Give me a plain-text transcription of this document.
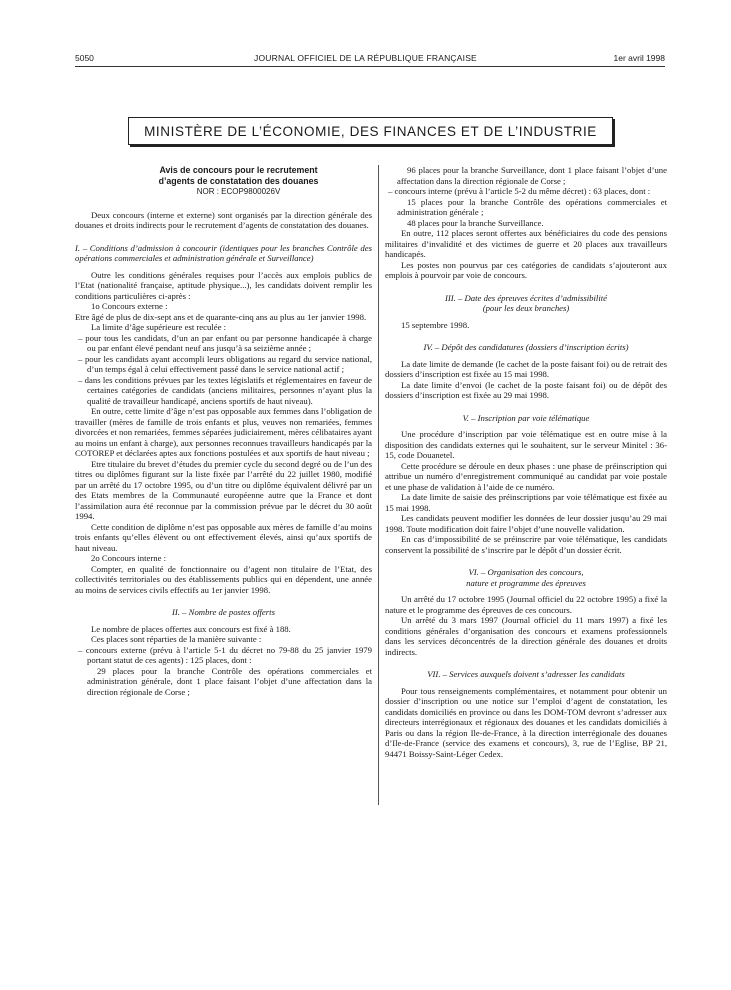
5050	JOURNAL OFFICIEL DE LA RÉPUBLIQUE FRANÇAISE	1er avril 1998
MINISTÈRE DE L’ÉCONOMIE, DES FINANCES ET DE L’INDUSTRIE
Avis de concours pour le recrutement
d’agents de constatation des douanes
NOR : ECOP9800026V

Deux concours (interne et externe) sont organisés par la direction générale des douanes et droits indirects pour le recrutement d’agents de constatation des douanes.

I. – Conditions d’admission à concourir (identiques pour les branches Contrôle des opérations commerciales et administration générale et Surveillance)

Outre les conditions générales requises pour l’accès aux emplois publics de l’Etat (nationalité française, aptitude physique...), les candidats doivent remplir les conditions particulières ci-après :

1o Concours externe :

Etre âgé de plus de dix-sept ans et de quarante-cinq ans au plus au 1er janvier 1998.

La limite d’âge supérieure est reculée :

– pour tous les candidats, d’un an par enfant ou par personne handicapée à charge ou par enfant élevé pendant neuf ans jusqu’à sa seizième année ;

– pour les candidats ayant accompli leurs obligations au regard du service national, d’un temps égal à celui effectivement passé dans le service national actif ;

– dans les conditions prévues par les textes législatifs et réglementaires en faveur de certaines catégories de candidats (anciens militaires, personnes n’ayant plus la qualité de travailleur handicapé, anciens sportifs de haut niveau).

En outre, cette limite d’âge n’est pas opposable aux femmes dans l’obligation de travailler (mères de famille de trois enfants et plus, veuves non remariées, femmes divorcées et non remariées, femmes séparées judiciairement, mères célibataires ayant au moins un enfant à charge), aux personnes reconnues travailleurs handicapés par la COTOREP et déclarées aptes aux fonctions postulées et aux sportifs de haut niveau ;

Etre titulaire du brevet d’études du premier cycle du second degré ou de l’un des titres ou diplômes figurant sur la liste fixée par l’arrêté du 22 juillet 1980, modifié par un arrêté du 17 octobre 1995, ou d’un titre ou diplôme équivalent délivré par un des Etats membres de la Communauté européenne autre que la France et dont l’assimilation aura été reconnue par la commission prévue par le décret du 30 août 1994.

Cette condition de diplôme n’est pas opposable aux mères de famille d’au moins trois enfants qu’elles élèvent ou ont effectivement élevés, ainsi qu’aux sportifs de haut niveau.

2o Concours interne :

Compter, en qualité de fonctionnaire ou d’agent non titulaire de l’Etat, des collectivités territoriales ou des établissements publics qui en dépendent, une année au moins de services civils effectifs au 1er janvier 1998.

II. – Nombre de postes offerts

Le nombre de places offertes aux concours est fixé à 188.

Ces places sont réparties de la manière suivante :

– concours externe (prévu à l’article 5-1 du décret no 79-88 du 25 janvier 1979 portant statut de ces agents) : 125 places, dont :

29 places pour la branche Contrôle des opérations commerciales et administration générale, dont 1 place faisant l’objet d’une affectation dans la direction régionale de Corse ;

96 places pour la branche Surveillance, dont 1 place faisant l’objet d’une affectation dans la direction régionale de Corse ;

– concours interne (prévu à l’article 5-2 du même décret) : 63 places, dont :

15 places pour la branche Contrôle des opérations commerciales et administration générale ;

48 places pour la branche Surveillance.

En outre, 112 places seront offertes aux bénéficiaires du code des pensions militaires d’invalidité et des victimes de guerre et 20 places aux travailleurs handicapés.

Les postes non pourvus par ces catégories de candidats s’ajouteront aux emplois à pourvoir par voie de concours.

III. – Date des épreuves écrites d’admissibilité

(pour les deux branches)

15 septembre 1998.

IV. – Dépôt des candidatures (dossiers d’inscription écrits)

La date limite de demande (le cachet de la poste faisant foi) ou de retrait des dossiers d’inscription est fixée au 15 mai 1998.

La date limite d’envoi (le cachet de la poste faisant foi) ou de dépôt des dossiers d’inscription est fixée au 29 mai 1998.

V. – Inscription par voie télématique

Une procédure d’inscription par voie télématique est en outre mise à la disposition des candidats externes qui le souhaitent, sur le serveur Minitel : 36-15, code Douanetel.

Cette procédure se déroule en deux phases : une phase de préinscription qui attribue un numéro d’enregistrement communiqué au candidat par voie postale et une phase de validation à l’aide de ce numéro.

La date limite de saisie des préinscriptions par voie télématique est fixée au 15 mai 1998.

Les candidats peuvent modifier les données de leur dossier jusqu’au 29 mai 1998. Toute modification doit faire l’objet d’une nouvelle validation.

En cas d’impossibilité de se préinscrire par voie télématique, les candidats conservent la possibilité de s’inscrire par le dépôt d’un dossier écrit.

VI. – Organisation des concours,

nature et programme des épreuves

Un arrêté du 17 octobre 1995 (Journal officiel du 22 octobre 1995) a fixé la nature et le programme des épreuves de ces concours.

Un arrêté du 3 mars 1997 (Journal officiel du 11 mars 1997) a fixé les conditions générales d’organisation des concours et examens professionnels dans les services déconcentrés de la direction générale des douanes et droits indirects.

VII. – Services auxquels doivent s’adresser les candidats

Pour tous renseignements complémentaires, et notamment pour obtenir un dossier d’inscription ou une notice sur l’emploi d’agent de constatation, les candidats domiciliés en province ou dans les DOM-TOM devront s’adresser aux directeurs interrégionaux et régionaux des douanes et les candidats domiciliés à Paris ou dans la région Ile-de-France, à la direction interrégionale des douanes d’Ile-de-France (service des examens et concours), 3, rue de l’Eglise, BP 21, 94471 Boissy-Saint-Léger Cedex.
